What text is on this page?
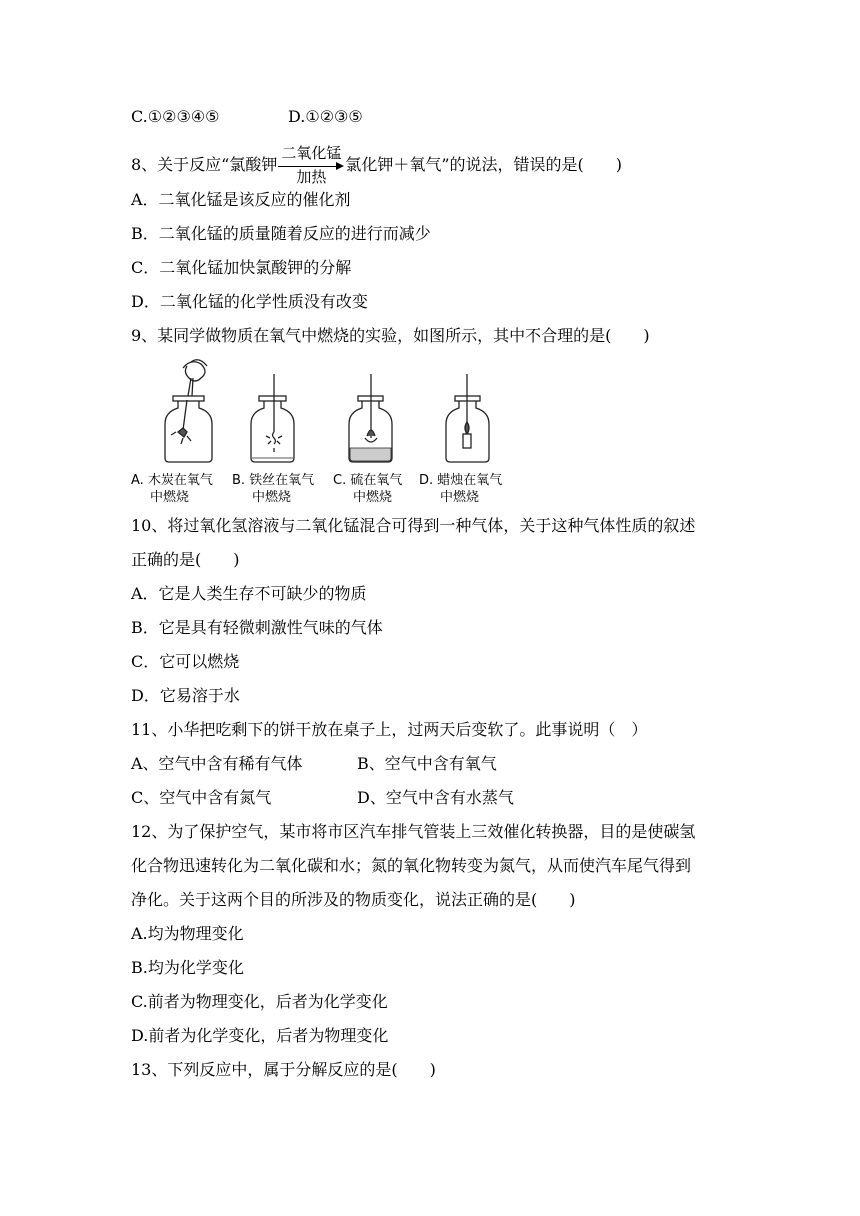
C.①②③④⑤	D.①②③⑤
8、关于反应“氯酸钾
二氧化锰
加热
氯化钾＋氧气”的说法，错误的是(　　)
A．二氧化锰是该反应的催化剂
B．二氧化锰的质量随着反应的进行而减少
C．二氧化锰加快氯酸钾的分解
D．二氧化锰的化学性质没有改变
9、某同学做物质在氧气中燃烧的实验，如图所示，其中不合理的是(　　)
A. 木炭在氧气
中燃烧
B. 铁丝在氧气
中燃烧
C. 硫在氧气
中燃烧
D. 蜡烛在氧气
中燃烧
10、将过氧化氢溶液与二氧化锰混合可得到一种气体，关于这种气体性质的叙述
正确的是(　　)
A．它是人类生存不可缺少的物质
B．它是具有轻微刺激性气味的气体
C．它可以燃烧
D．它易溶于水
11、小华把吃剩下的饼干放在桌子上，过两天后变软了。此事说明（　）
A、空气中含有稀有气体	B、空气中含有氧气
C、空气中含有氮气	D、空气中含有水蒸气
12、为了保护空气，某市将市区汽车排气管装上三效催化转换器，目的是使碳氢
化合物迅速转化为二氧化碳和水；氮的氧化物转变为氮气，从而使汽车尾气得到
净化。关于这两个目的所涉及的物质变化，说法正确的是(　　)
A.均为物理变化
B.均为化学变化
C.前者为物理变化，后者为化学变化
D.前者为化学变化，后者为物理变化
13、下列反应中，属于分解反应的是(　　)
